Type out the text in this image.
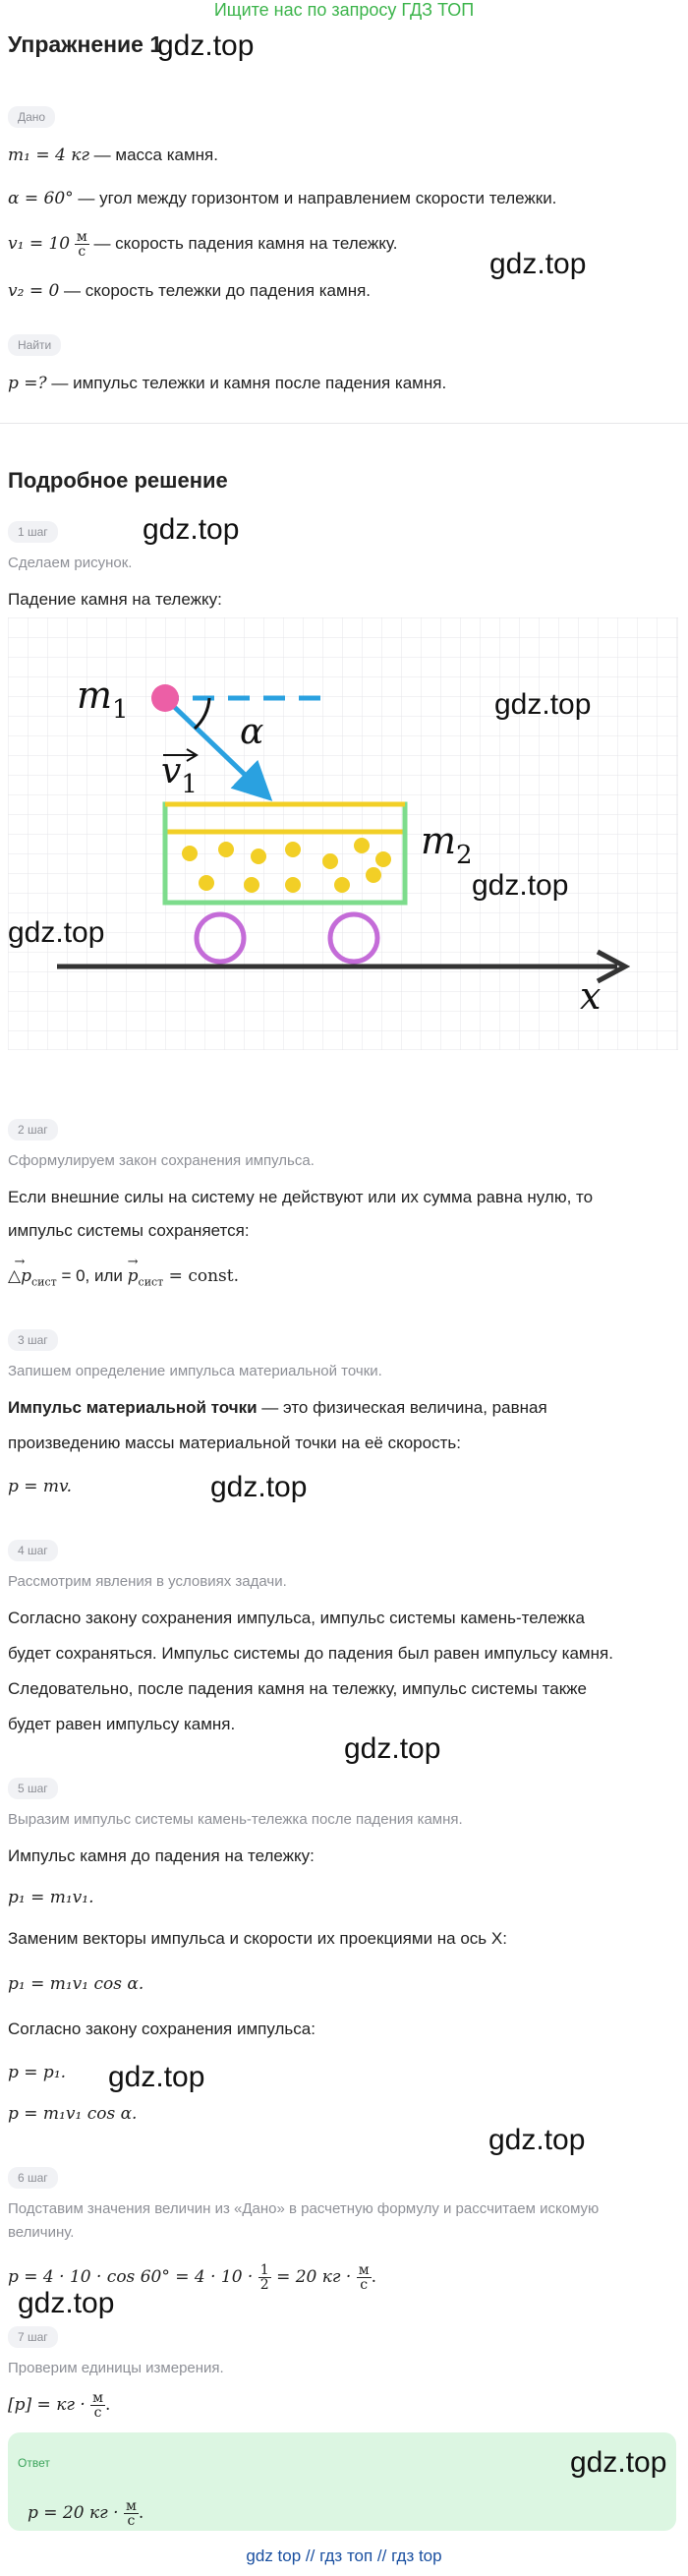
Ищите нас по запросу ГДЗ ТОП
Упражнение 1
gdz.top
Дано
m₁ = 4 кг — масса камня.
α = 60° — угол между горизонтом и направлением скорости тележки.
$v_1 = 10 \frac{м}{с}$ — скорость падения камня на тележку.
gdz.top
v₂ = 0 — скорость тележки до падения камня.
Найти
p =? — импульс тележки и камня после падения камня.
Подробное решение
1 шаг	gdz.top
Сделаем рисунок.
Падение камня на тележку:
$m_1$
α
$v_1$
$m_2$
x
gdz.top
gdz.top
gdz.top
2 шаг
Сформулируем закон сохранения импульса.
Если внешние силы на систему не действуют или их сумма равна нулю, то
импульс системы сохраняется:
→ $\triangle p_{сист} = 0$, или → $p_{сист}$ = const.
3 шаг
Запишем определение импульса материальной точки.
Импульс материальной точки — это физическая величина, равная
произведению массы материальной точки на её скорость:
p = mv.	gdz.top
4 шаг
Рассмотрим явления в условиях задачи.
Согласно закону сохранения импульса, импульс системы камень-тележка
будет сохраняться. Импульс системы до падения был равен импульсу камня.
Следовательно, после падения камня на тележку, импульс системы также
будет равен импульсу камня.
gdz.top
5 шаг
Выразим импульс системы камень-тележка после падения камня.
Импульс камня до падения на тележку:
p₁ = m₁v₁.
Заменим векторы импульса и скорости их проекциями на ось X:
p₁ = m₁v₁ cos α.
Согласно закону сохранения импульса:
p = p₁. gdz.top
p = m₁v₁ cos α.
gdz.top
6 шаг
Подставим значения величин из «Дано» в расчетную формулу и рассчитаем искомую
величину.
$p = 4 \cdot 10 \cdot \cos 60^\circ = 4 \cdot 10 \cdot \frac{1}{2} = 20$ кг · $\frac{м}{с}$ .
gdz.top
7 шаг
Проверим единицы измерения.
[p] = кг · $\frac{м}{с}$ .
Ответ	gdz.top
p = 20 кг · $\frac{м}{с}$ .
gdz top // гдз топ // гдз top
